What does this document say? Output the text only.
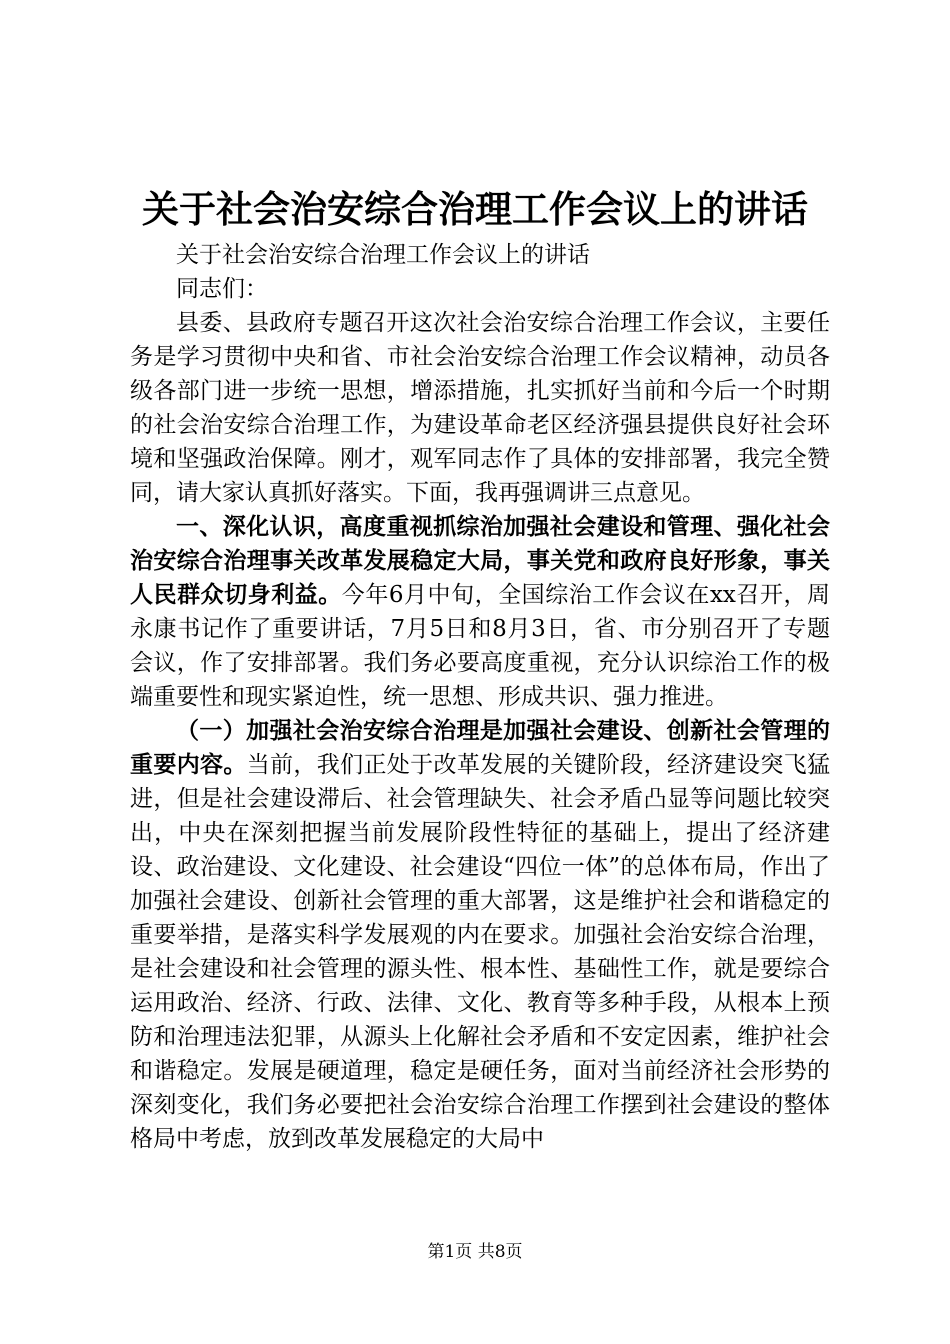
关于社会治安综合治理工作会议上的讲话

关于社会治安综合治理工作会议上的讲话

同志们：

县委、县政府专题召开这次社会治安综合治理工作会议，主要任务是学习贯彻中央和省、市社会治安综合治理工作会议精神，动员各级各部门进一步统一思想，增添措施，扎实抓好当前和今后一个时期的社会治安综合治理工作，为建设革命老区经济强县提供良好社会环境和坚强政治保障。刚才，观军同志作了具体的安排部署，我完全赞同，请大家认真抓好落实。下面，我再强调讲三点意见。

一、深化认识，高度重视抓综治加强社会建设和管理、强化社会治安综合治理事关改革发展稳定大局，事关党和政府良好形象，事关人民群众切身利益。今年6月中旬，全国综治工作会议在xx召开，周永康书记作了重要讲话，7月5日和8月3日，省、市分别召开了专题会议，作了安排部署。我们务必要高度重视，充分认识综治工作的极端重要性和现实紧迫性，统一思想、形成共识、强力推进。

（一）加强社会治安综合治理是加强社会建设、创新社会管理的重要内容。当前，我们正处于改革发展的关键阶段，经济建设突飞猛进，但是社会建设滞后、社会管理缺失、社会矛盾凸显等问题比较突出，中央在深刻把握当前发展阶段性特征的基础上，提出了经济建设、政治建设、文化建设、社会建设“四位一体”的总体布局，作出了加强社会建设、创新社会管理的重大部署，这是维护社会和谐稳定的重要举措，是落实科学发展观的内在要求。加强社会治安综合治理，是社会建设和社会管理的源头性、根本性、基础性工作，就是要综合运用政治、经济、行政、法律、文化、教育等多种手段，从根本上预防和治理违法犯罪，从源头上化解社会矛盾和不安定因素，维护社会和谐稳定。发展是硬道理，稳定是硬任务，面对当前经济社会形势的深刻变化，我们务必要把社会治安综合治理工作摆到社会建设的整体格局中考虑，放到改革发展稳定的大局中

第1页 共8页
